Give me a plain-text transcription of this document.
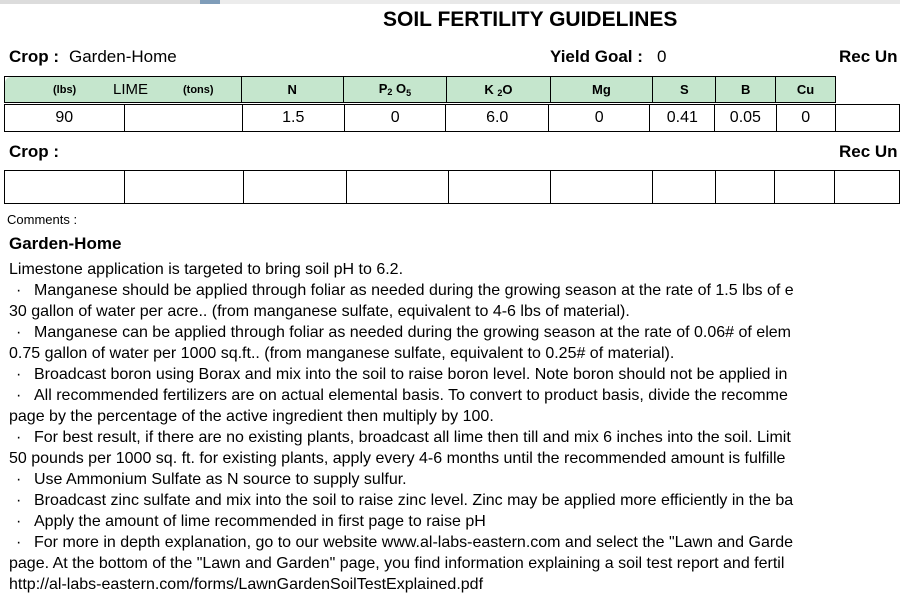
SOIL FERTILITY GUIDELINES
Crop : Garden-Home	Yield Goal : 0	Rec Un
(lbs) LIME	(tons)	N	P2 $O_5$	K 2O	Mg	S	B	Cu
90		1.5	0	6.0	0	0.41	0.05	0	
Crop :	Rec Un

Comments :
Garden-Home
Limestone application is targeted to bring soil pH to 6.2.
· Manganese should be applied through foliar as needed during the growing season at the rate of 1.5 lbs of e
30 gallon of water per acre.. (from manganese sulfate, equivalent to 4-6 lbs of material).
· Manganese can be applied through foliar as needed during the growing season at the rate of 0.06# of elem
0.75 gallon of water per 1000 sq.ft.. (from manganese sulfate, equivalent to 0.25# of material).
· Broadcast boron using Borax and mix into the soil to raise boron level. Note boron should not be applied in
· All recommended fertilizers are on actual elemental basis. To convert to product basis, divide the recomme
page by the percentage of the active ingredient then multiply by 100.
· For best result, if there are no existing plants, broadcast all lime then till and mix 6 inches into the soil. Limit
50 pounds per 1000 sq. ft. for existing plants, apply every 4-6 months until the recommended amount is fulfille
· Use Ammonium Sulfate as N source to supply sulfur.
· Broadcast zinc sulfate and mix into the soil to raise zinc level. Zinc may be applied more efficiently in the ba
· Apply the amount of lime recommended in first page to raise pH
· For more in depth explanation, go to our website www.al-labs-eastern.com and select the "Lawn and Garde
page. At the bottom of the "Lawn and Garden" page, you find information explaining a soil test report and fertil
http://al-labs-eastern.com/forms/LawnGardenSoilTestExplained.pdf
